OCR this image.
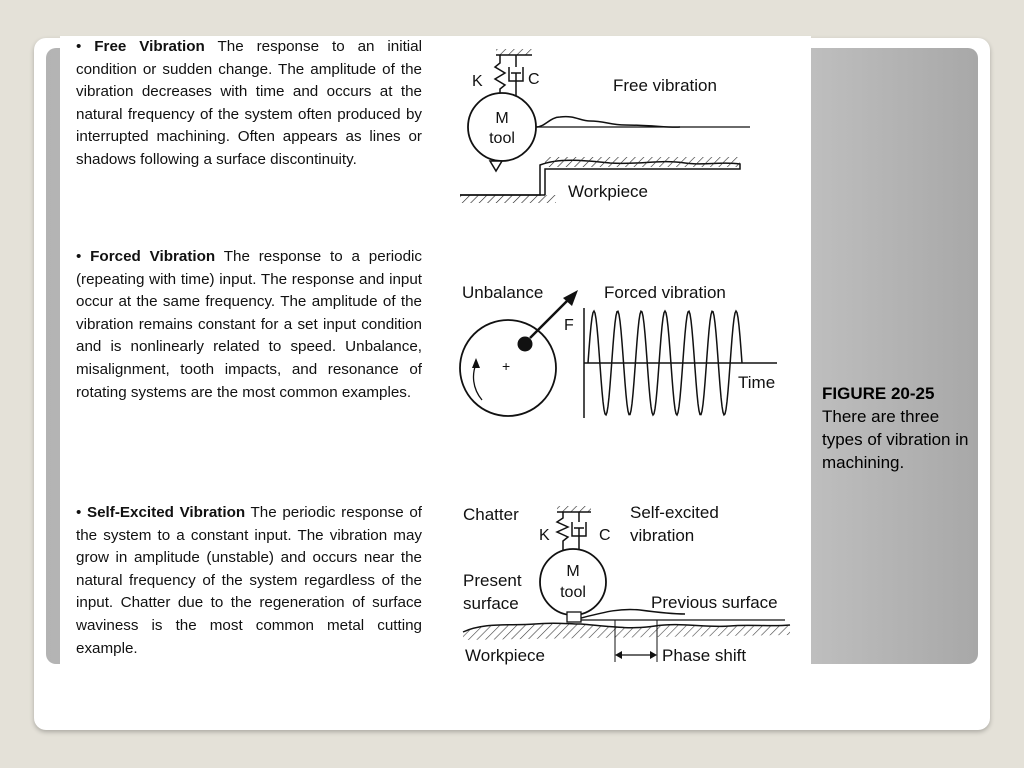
• Free Vibration The response to an initial condition or sudden change. The amplitude of the vibration decreases with time and occurs at the natural frequency of the system often produced by interrupted machining. Often appears as lines or shadows following a surface discontinuity.
• Forced Vibration The response to a periodic (repeating with time) input. The response and input occur at the same frequency. The amplitude of the vibration remains constant for a set input condition and is nonlinearly related to speed. Unbalance, misalignment, tooth impacts, and resonance of rotating systems are the most common examples.
• Self-Excited Vibration The periodic response of the system to a constant input. The vibration may grow in amplitude (unstable) and occurs near the natural frequency of the system regardless of the input. Chatter due to the regeneration of surface waviness is the most common metal cutting example.
K	C
M
tool
Free vibration
Workpiece
Unbalance	Forced vibration
F
+
Time
Chatter
K	C
Self-excited
vibration
M
tool
Present
surface	Previous surface
Workpiece	Phase shift
FIGURE 20-25
There are three types of vibration in machining.
